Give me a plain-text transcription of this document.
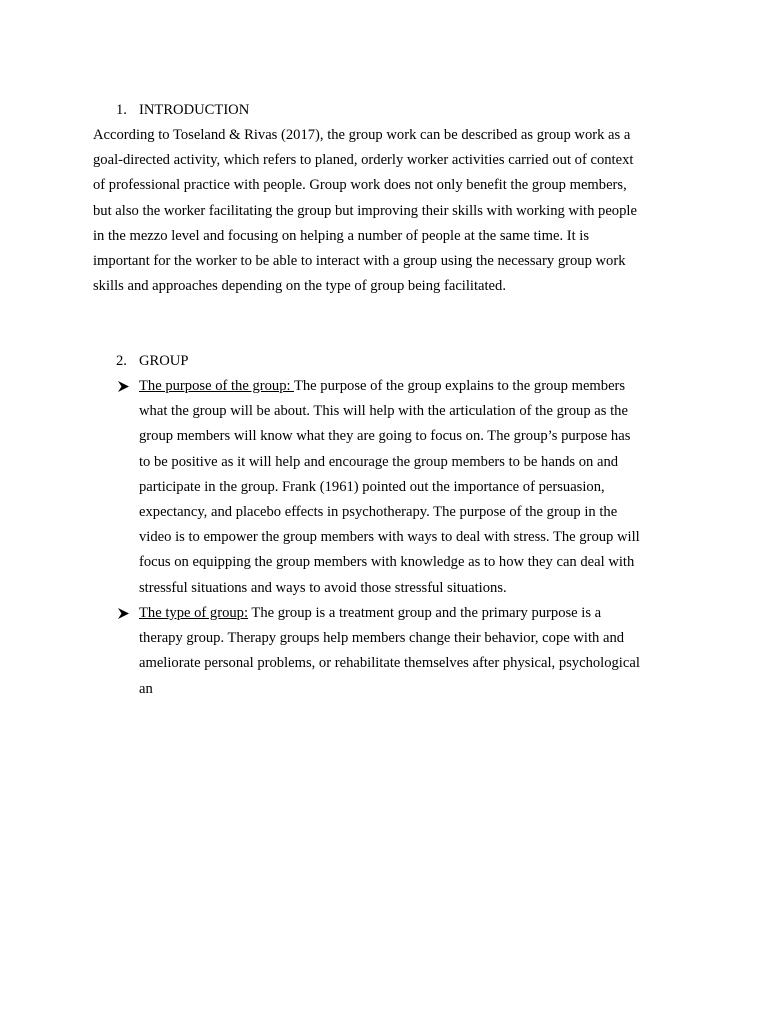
1. INTRODUCTION
According to Toseland & Rivas (2017), the group work can be described as group work as a
goal-directed activity, which refers to planed, orderly worker activities carried out of context
of professional practice with people. Group work does not only benefit the group members,
but also the worker facilitating the group but improving their skills with working with people
in the mezzo level and focusing on helping a number of people at the same time. It is
important for the worker to be able to interact with a group using the necessary group work
skills and approaches depending on the type of group being facilitated.
2. GROUP
The purpose of the group: The purpose of the group explains to the group members
what the group will be about. This will help with the articulation of the group as the
group members will know what they are going to focus on. The group’s purpose has
to be positive as it will help and encourage the group members to be hands on and
participate in the group. Frank (1961) pointed out the importance of persuasion,
expectancy, and placebo effects in psychotherapy. The purpose of the group in the
video is to empower the group members with ways to deal with stress. The group will
focus on equipping the group members with knowledge as to how they can deal with
stressful situations and ways to avoid those stressful situations.
The type of group: The group is a treatment group and the primary purpose is a
therapy group. Therapy groups help members change their behavior, cope with and
ameliorate personal problems, or rehabilitate themselves after physical, psychological
an
